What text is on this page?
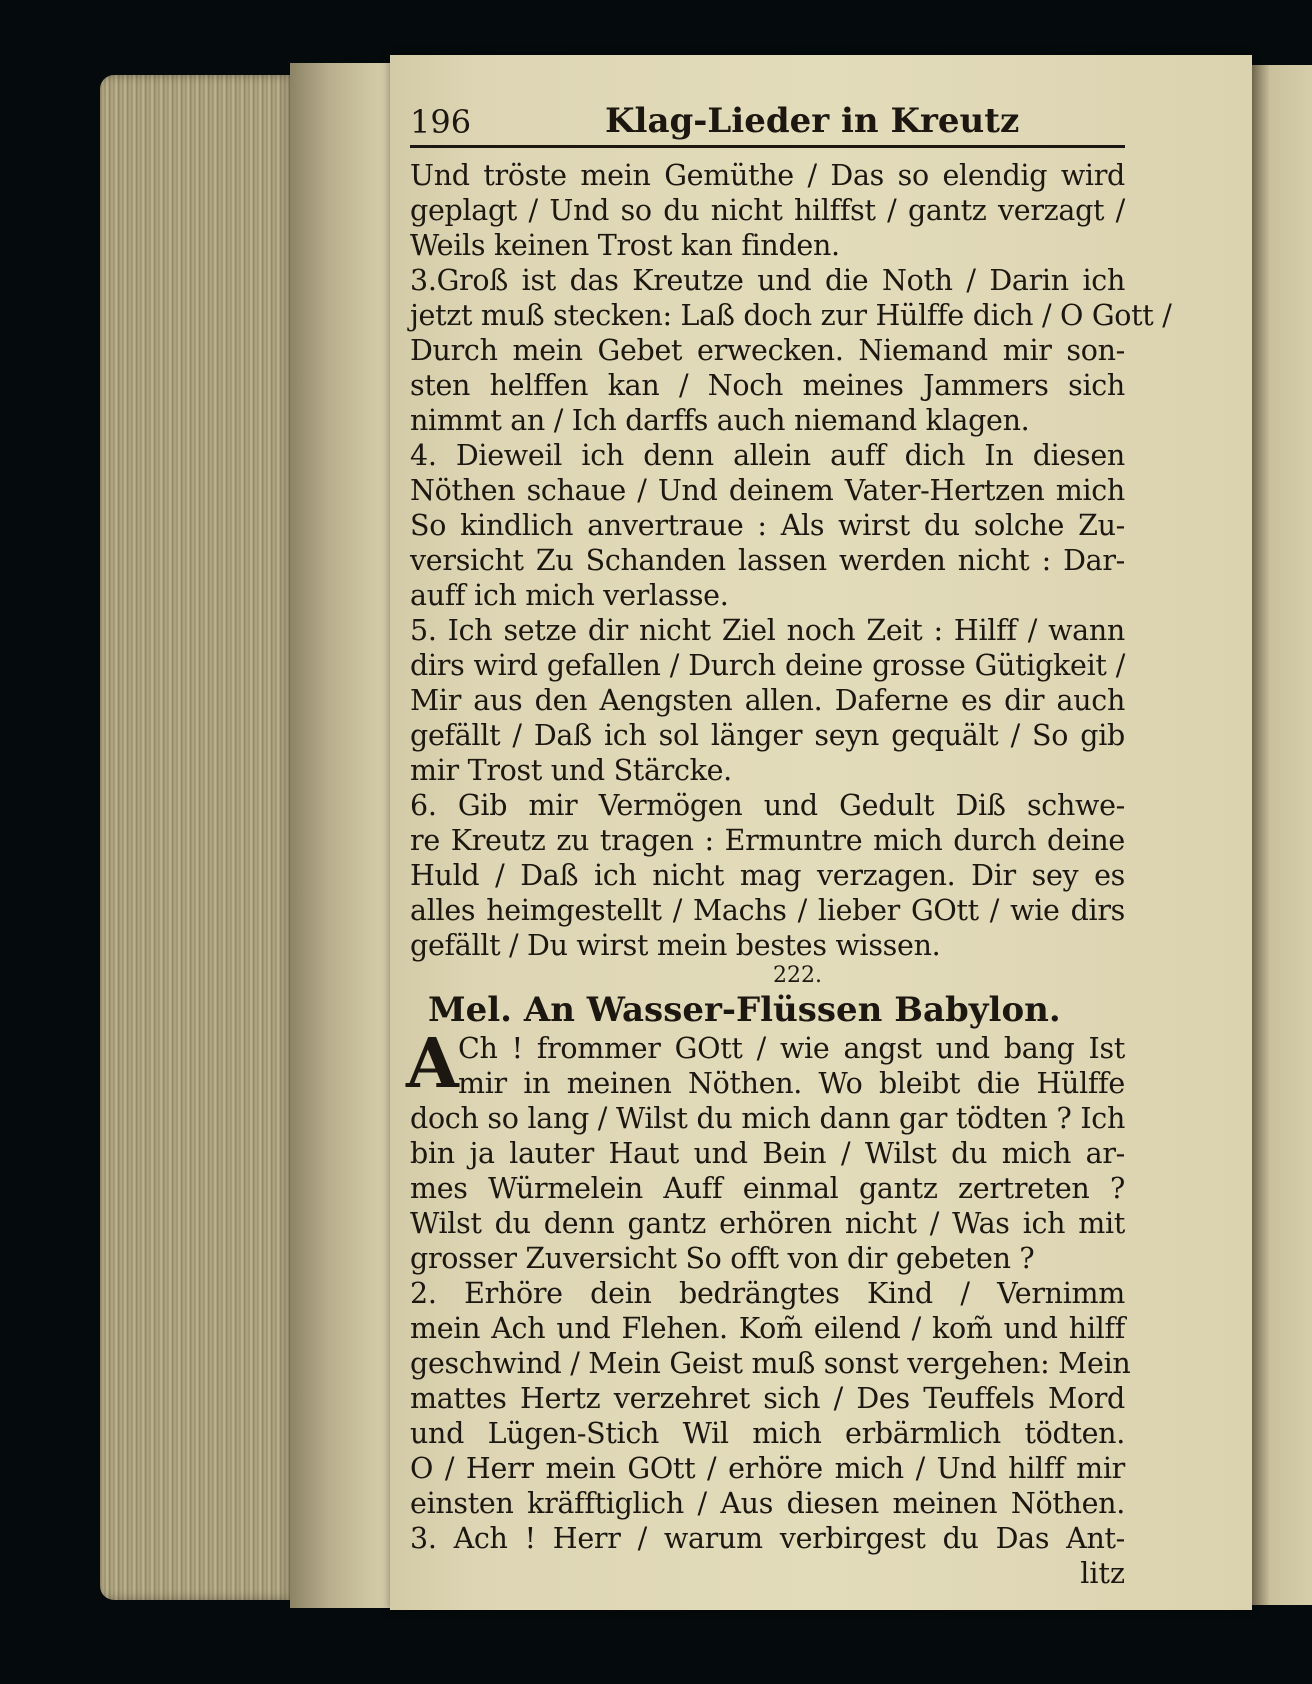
196	Klag-Lieder in Kreutz
Und tröste mein Gemüthe / Das so elendig wird
geplagt / Und so du nicht hilffst / gantz verzagt /
Weils keinen Trost kan finden.
3.Groß ist das Kreutze und die Noth / Darin ich
jetzt muß stecken: Laß doch zur Hülffe dich / O Gott /
Durch mein Gebet erwecken. Niemand mir son-
sten helffen kan / Noch meines Jammers sich
nimmt an / Ich darffs auch niemand klagen.
4. Dieweil ich denn allein auff dich In diesen
Nöthen schaue / Und deinem Vater-Hertzen mich
So kindlich anvertraue : Als wirst du solche Zu-
versicht Zu Schanden lassen werden nicht : Dar-
auff ich mich verlasse.
5. Ich setze dir nicht Ziel noch Zeit : Hilff / wann
dirs wird gefallen / Durch deine grosse Gütigkeit /
Mir aus den Aengsten allen. Daferne es dir auch
gefällt / Daß ich sol länger seyn gequält / So gib
mir Trost und Stärcke.
6. Gib mir Vermögen und Gedult Diß schwe-
re Kreutz zu tragen : Ermuntre mich durch deine
Huld / Daß ich nicht mag verzagen. Dir sey es
alles heimgestellt / Machs / lieber GOtt / wie dirs
gefällt / Du wirst mein bestes wissen.
222.
Mel. An Wasser-Flüssen Babylon.
A Ch ! frommer GOtt / wie angst und bang Ist
mir in meinen Nöthen. Wo bleibt die Hülffe
doch so lang / Wilst du mich dann gar tödten ? Ich
bin ja lauter Haut und Bein / Wilst du mich ar-
mes Würmelein Auff einmal gantz zertreten ?
Wilst du denn gantz erhören nicht / Was ich mit
grosser Zuversicht So offt von dir gebeten ?
2. Erhöre dein bedrängtes Kind / Vernimm
mein Ach und Flehen. Kom̃ eilend / kom̃ und hilff
geschwind / Mein Geist muß sonst vergehen: Mein
mattes Hertz verzehret sich / Des Teuffels Mord
und Lügen-Stich Wil mich erbärmlich tödten.
O / Herr mein GOtt / erhöre mich / Und hilff mir
einsten kräfftiglich / Aus diesen meinen Nöthen.
3. Ach ! Herr / warum verbirgest du Das Ant-
litz
